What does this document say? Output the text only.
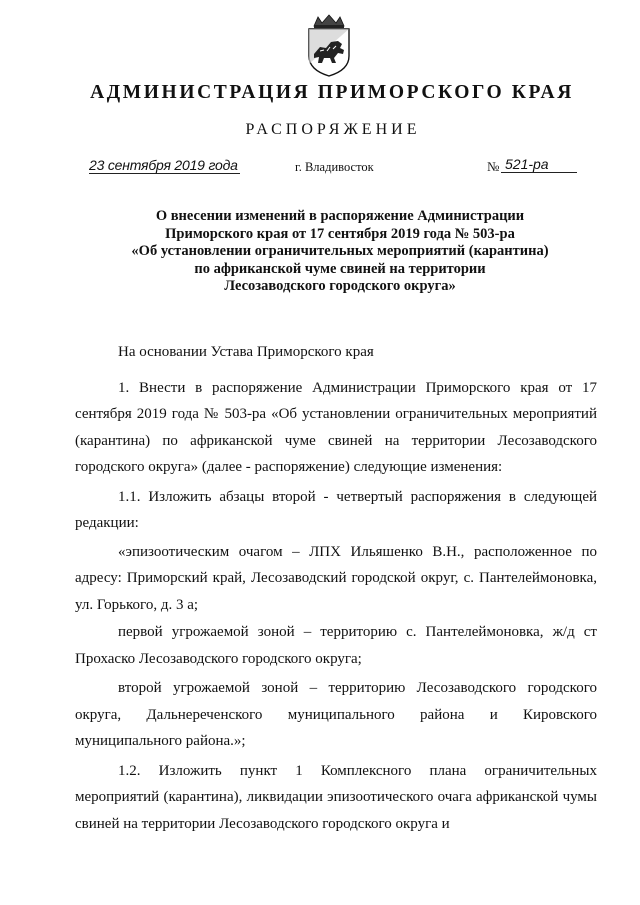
АДМИНИСТРАЦИЯ ПРИМОРСКОГО КРАЯ
РАСПОРЯЖЕНИЕ
23 сентября 2019 года	г. Владивосток	№ 521-ра
О внесении изменений в распоряжение Администрации
Приморского края от 17 сентября 2019 года № 503-ра
«Об установлении ограничительных мероприятий (карантина)
по африканской чуме свиней на территории
Лесозаводского городского округа»

На основании Устава Приморского края

1. Внести в распоряжение Администрации Приморского края от 17 сентября 2019 года № 503-ра «Об установлении ограничительных мероприятий (карантина) по африканской чуме свиней на территории Лесозаводского городского округа» (далее - распоряжение) следующие изменения:

1.1. Изложить абзацы второй - четвертый распоряжения в следующей редакции:

«эпизоотическим очагом – ЛПХ Ильяшенко В.Н., расположенное по адресу: Приморский край, Лесозаводский городской округ, с. Пантелеймоновка, ул. Горького, д. 3 а;

первой угрожаемой зоной – территорию с. Пантелеймоновка, ж/д ст Прохаско Лесозаводского городского округа;

второй угрожаемой зоной – территорию Лесозаводского городского округа, Дальнереченского муниципального района и Кировского муниципального района.»;

1.2. Изложить пункт 1 Комплексного плана ограничительных мероприятий (карантина), ликвидации эпизоотического очага африканской чумы свиней на территории Лесозаводского городского округа и
